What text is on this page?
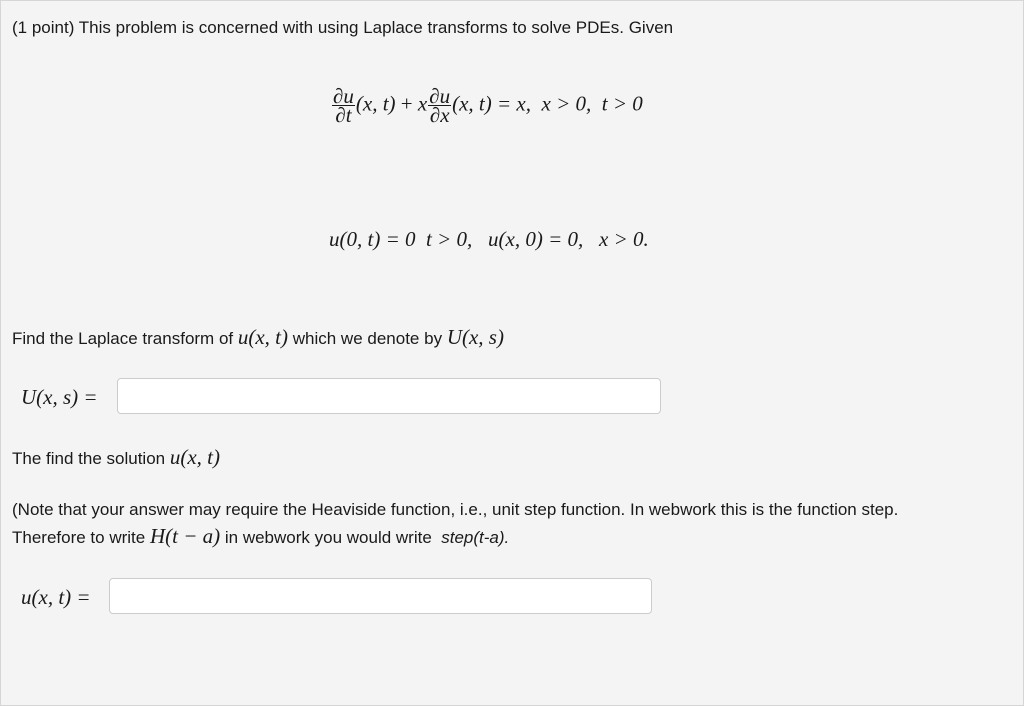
(1 point) This problem is concerned with using Laplace transforms to solve PDEs. Given
$\frac{\partial u}{\partial t} (x$, t) + x $\frac{\partial u}{\partial x} (x$, t) = x, x > 0, t > 0
u(0, t) = 0 t > 0, u(x, 0) = 0, x > 0.
Find the Laplace transform of u(x, t) which we denote by U(x, s)
U(x, s) =
The find the solution u(x, t)
(Note that your answer may require the Heaviside function, i.e., unit step function. In webwork this is the function step.
Therefore to write H(t − a) in webwork you would write step(t-a).
u(x, t) =
